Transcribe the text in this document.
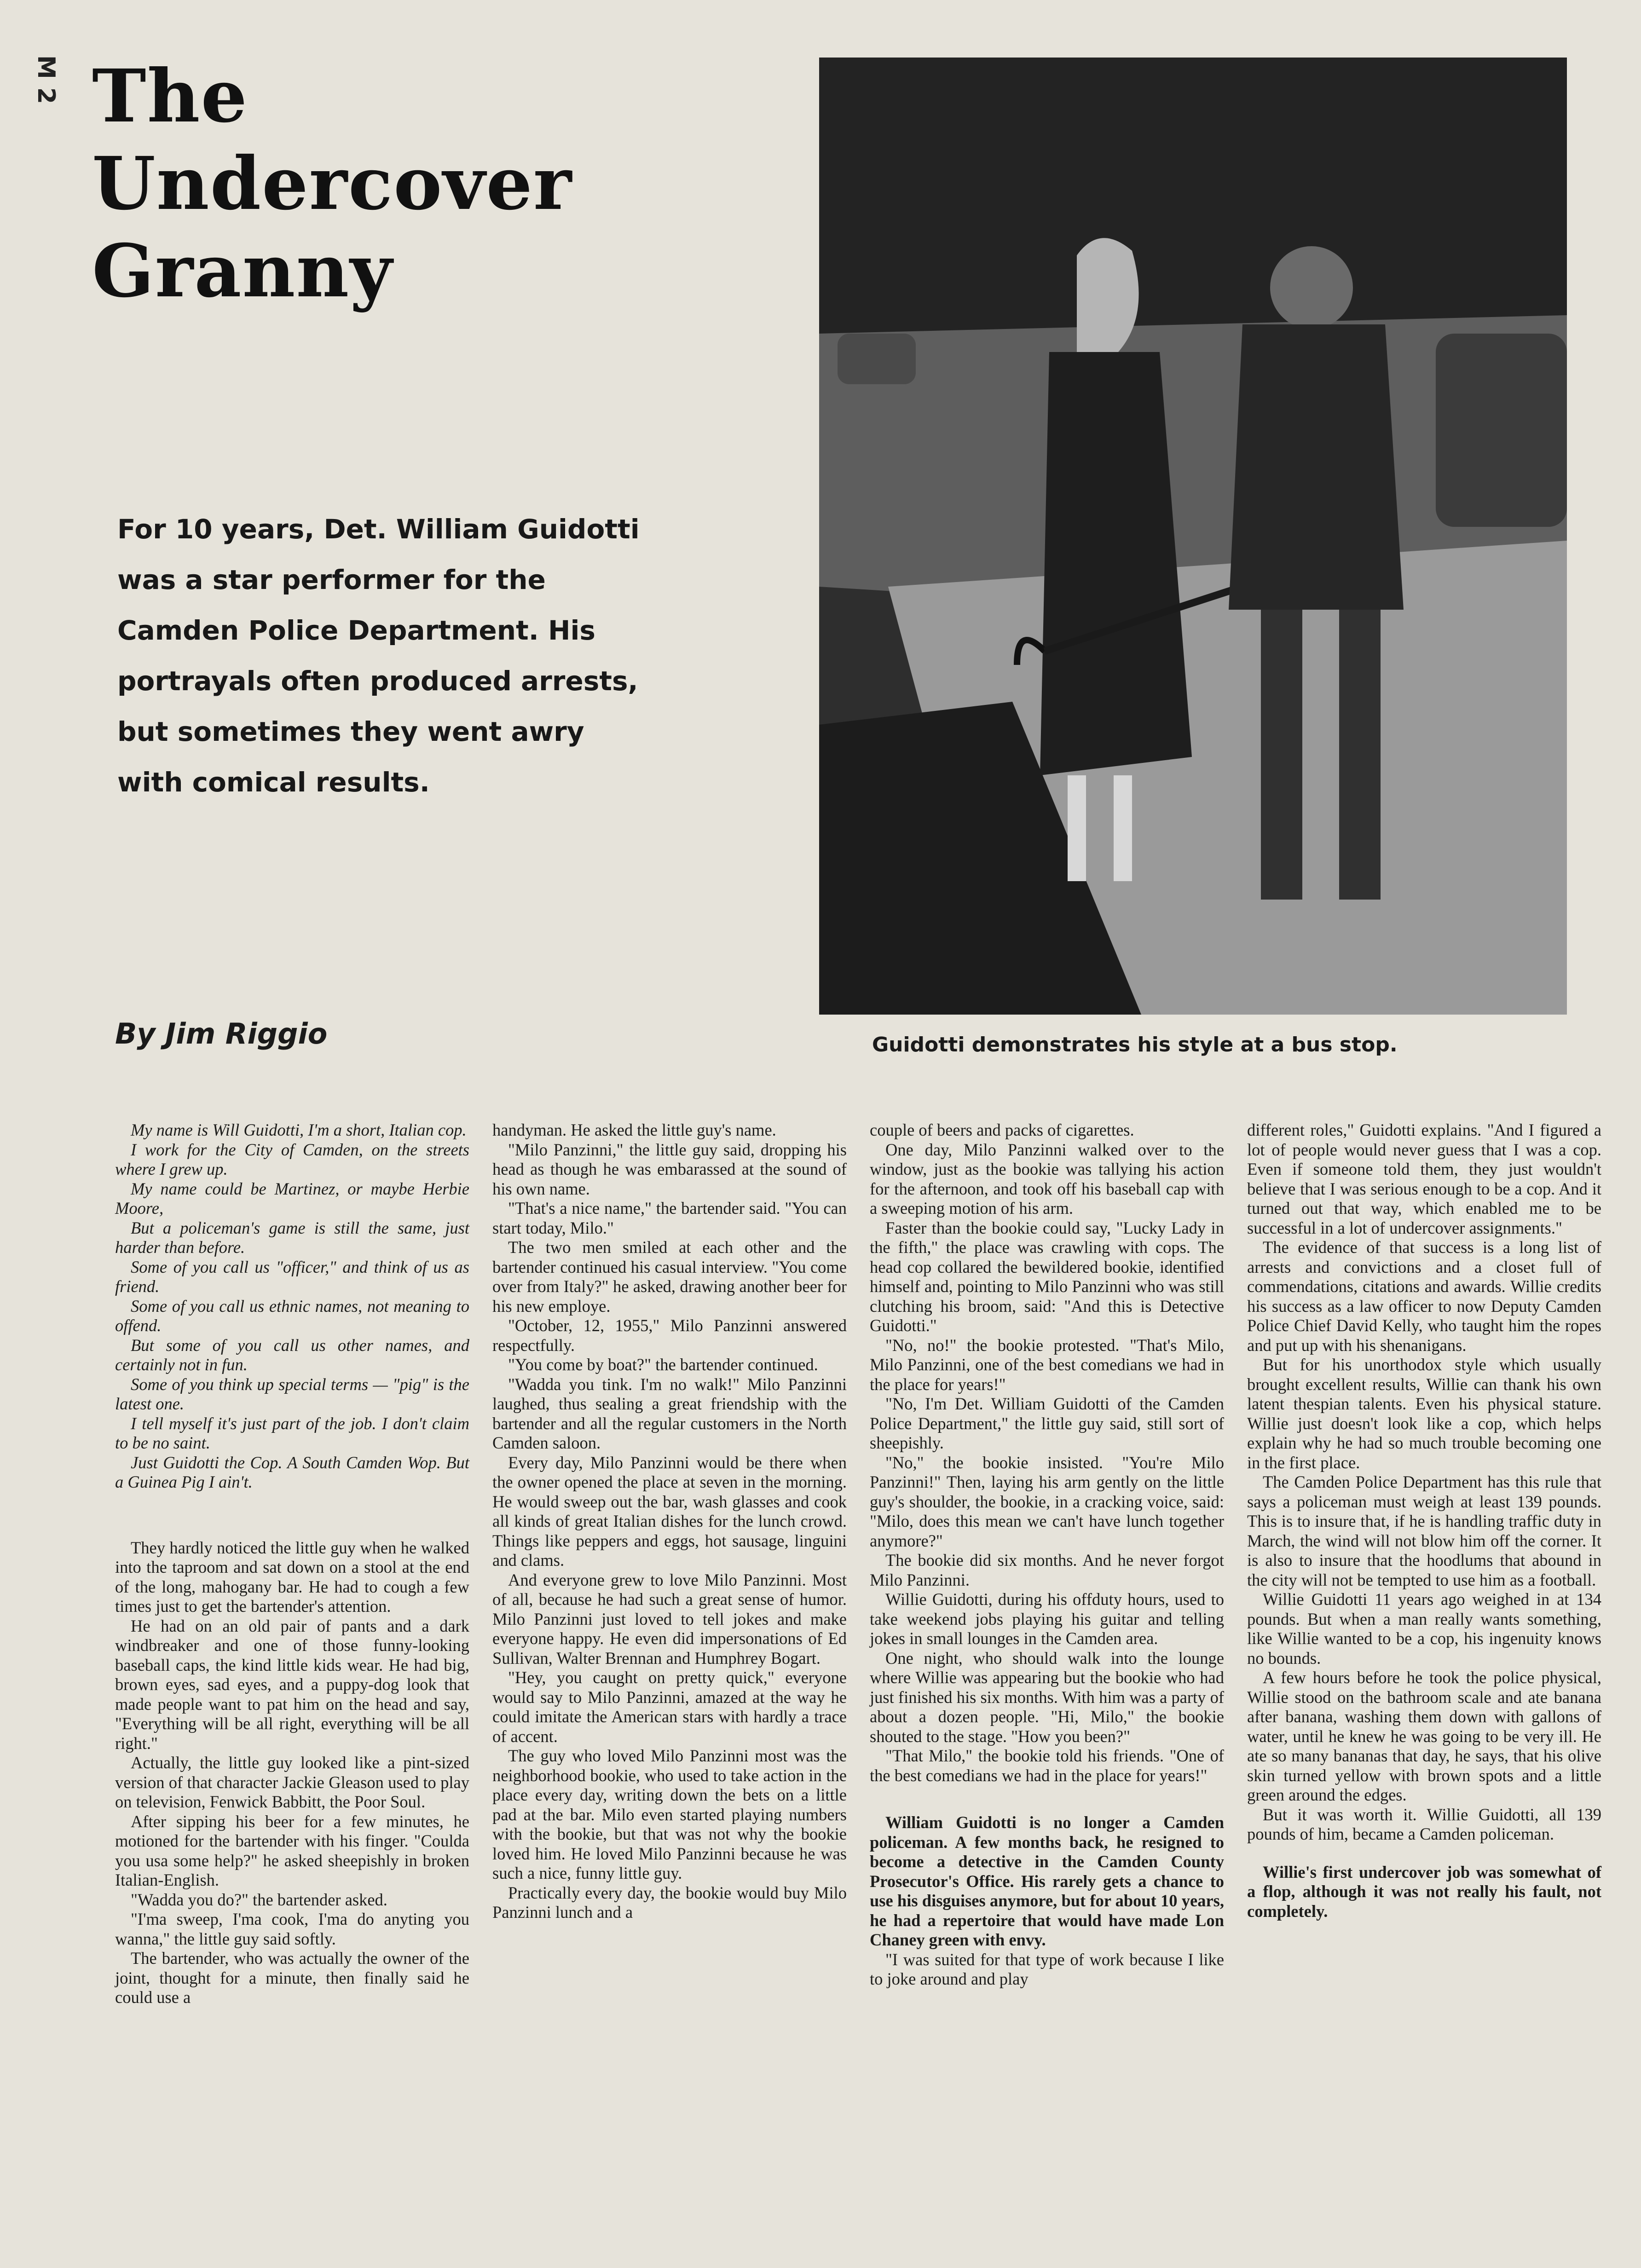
M 2 The
Undercover
Granny
For 10 years, Det. William Guidotti was a star performer for the Camden Police Department. His portrayals often produced arrests, but sometimes they went awry with comical results.
By Jim Riggio	Guidotti demonstrates his style at a bus stop.

My name is Will Guidotti, I'm a short, Italian cop.

I work for the City of Camden, on the streets where I grew up.

My name could be Martinez, or maybe Herbie Moore,

But a policeman's game is still the same, just harder than before.

Some of you call us "officer," and think of us as friend.

Some of you call us ethnic names, not meaning to offend.

But some of you call us other names, and certainly not in fun.

Some of you think up special terms — "pig" is the latest one.

I tell myself it's just part of the job. I don't claim to be no saint.

Just Guidotti the Cop. A South Camden Wop. But a Guinea Pig I ain't.

They hardly noticed the little guy when he walked into the taproom and sat down on a stool at the end of the long, mahogany bar. He had to cough a few times just to get the bartender's attention.

He had on an old pair of pants and a dark windbreaker and one of those funny-looking baseball caps, the kind little kids wear. He had big, brown eyes, sad eyes, and a puppy-dog look that made people want to pat him on the head and say, "Everything will be all right, everything will be all right."

Actually, the little guy looked like a pint-sized version of that character Jackie Gleason used to play on television, Fenwick Babbitt, the Poor Soul.

After sipping his beer for a few minutes, he motioned for the bartender with his finger. "Coulda you usa some help?" he asked sheepishly in broken Italian-English.

"Wadda you do?" the bartender asked.

"I'ma sweep, I'ma cook, I'ma do anyting you wanna," the little guy said softly.

The bartender, who was actually the owner of the joint, thought for a minute, then finally said he could use a

handyman. He asked the little guy's name.

"Milo Panzinni," the little guy said, dropping his head as though he was embarassed at the sound of his own name.

"That's a nice name," the bartender said. "You can start today, Milo."

The two men smiled at each other and the bartender continued his casual interview. "You come over from Italy?" he asked, drawing another beer for his new employe.

"October, 12, 1955," Milo Panzinni answered respectfully.

"You come by boat?" the bartender continued.

"Wadda you tink. I'm no walk!" Milo Panzinni laughed, thus sealing a great friendship with the bartender and all the regular customers in the North Camden saloon.

Every day, Milo Panzinni would be there when the owner opened the place at seven in the morning. He would sweep out the bar, wash glasses and cook all kinds of great Italian dishes for the lunch crowd. Things like peppers and eggs, hot sausage, linguini and clams.

And everyone grew to love Milo Panzinni. Most of all, because he had such a great sense of humor. Milo Panzinni just loved to tell jokes and make everyone happy. He even did impersonations of Ed Sullivan, Walter Brennan and Humphrey Bogart.

"Hey, you caught on pretty quick," everyone would say to Milo Panzinni, amazed at the way he could imitate the American stars with hardly a trace of accent.

The guy who loved Milo Panzinni most was the neighborhood bookie, who used to take action in the place every day, writing down the bets on a little pad at the bar. Milo even started playing numbers with the bookie, but that was not why the bookie loved him. He loved Milo Panzinni because he was such a nice, funny little guy.

Practically every day, the bookie would buy Milo Panzinni lunch and a

couple of beers and packs of cigarettes.

One day, Milo Panzinni walked over to the window, just as the bookie was tallying his action for the afternoon, and took off his baseball cap with a sweeping motion of his arm.

Faster than the bookie could say, "Lucky Lady in the fifth," the place was crawling with cops. The head cop collared the bewildered bookie, identified himself and, pointing to Milo Panzinni who was still clutching his broom, said: "And this is Detective Guidotti."

"No, no!" the bookie protested. "That's Milo, Milo Panzinni, one of the best comedians we had in the place for years!"

"No, I'm Det. William Guidotti of the Camden Police Department," the little guy said, still sort of sheepishly.

"No," the bookie insisted. "You're Milo Panzinni!" Then, laying his arm gently on the little guy's shoulder, the bookie, in a cracking voice, said: "Milo, does this mean we can't have lunch together anymore?"

The bookie did six months. And he never forgot Milo Panzinni.

Willie Guidotti, during his offduty hours, used to take weekend jobs playing his guitar and telling jokes in small lounges in the Camden area.

One night, who should walk into the lounge where Willie was appearing but the bookie who had just finished his six months. With him was a party of about a dozen people. "Hi, Milo," the bookie shouted to the stage. "How you been?"

"That Milo," the bookie told his friends. "One of the best comedians we had in the place for years!"

William Guidotti is no longer a Camden policeman. A few months back, he resigned to become a detective in the Camden County Prosecutor's Office. His rarely gets a chance to use his disguises anymore, but for about 10 years, he had a repertoire that would have made Lon Chaney green with envy.

"I was suited for that type of work because I like to joke around and play

different roles," Guidotti explains. "And I figured a lot of people would never guess that I was a cop. Even if someone told them, they just wouldn't believe that I was serious enough to be a cop. And it turned out that way, which enabled me to be successful in a lot of undercover assignments."

The evidence of that success is a long list of arrests and convictions and a closet full of commendations, citations and awards. Willie credits his success as a law officer to now Deputy Camden Police Chief David Kelly, who taught him the ropes and put up with his shenanigans.

But for his unorthodox style which usually brought excellent results, Willie can thank his own latent thespian talents. Even his physical stature. Willie just doesn't look like a cop, which helps explain why he had so much trouble becoming one in the first place.

The Camden Police Department has this rule that says a policeman must weigh at least 139 pounds. This is to insure that, if he is handling traffic duty in March, the wind will not blow him off the corner. It is also to insure that the hoodlums that abound in the city will not be tempted to use him as a football.

Willie Guidotti 11 years ago weighed in at 134 pounds. But when a man really wants something, like Willie wanted to be a cop, his ingenuity knows no bounds.

A few hours before he took the police physical, Willie stood on the bathroom scale and ate banana after banana, washing them down with gallons of water, until he knew he was going to be very ill. He ate so many bananas that day, he says, that his olive skin turned yellow with brown spots and a little green around the edges.

But it was worth it. Willie Guidotti, all 139 pounds of him, became a Camden policeman.

Willie's first undercover job was somewhat of a flop, although it was not really his fault, not completely.
